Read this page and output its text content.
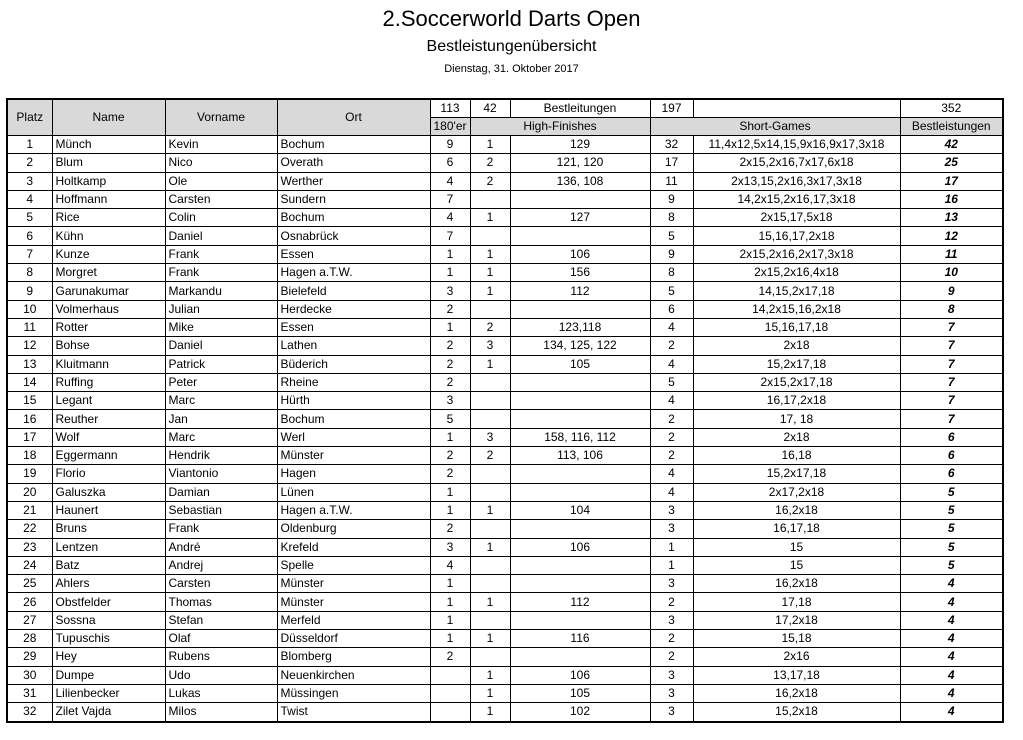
2.Soccerworld Darts Open
Bestleistungenübersicht
Dienstag, 31. Oktober 2017
Platz	Name	Vorname	Ort	113	42	Bestleitungen	197		352
				180'er	High-Finishes		Short-Games		Bestleistungen
1	Münch	Kevin	Bochum	9	1	129	32	11,4x12,5x14,15,9x16,9x17,3x18	42
2	Blum	Nico	Overath	6	2	121, 120	17	2x15,2x16,7x17,6x18	25
3	Holtkamp	Ole	Werther	4	2	136, 108	11	2x13,15,2x16,3x17,3x18	17
4	Hoffmann	Carsten	Sundern	7			9	14,2x15,2x16,17,3x18	16
5	Rice	Colin	Bochum	4	1	127	8	2x15,17,5x18	13
6	Kühn	Daniel	Osnabrück	7			5	15,16,17,2x18	12
7	Kunze	Frank	Essen	1	1	106	9	2x15,2x16,2x17,3x18	11
8	Morgret	Frank	Hagen a.T.W.	1	1	156	8	2x15,2x16,4x18	10
9	Garunakumar	Markandu	Bielefeld	3	1	112	5	14,15,2x17,18	9
10	Volmerhaus	Julian	Herdecke	2			6	14,2x15,16,2x18	8
11	Rotter	Mike	Essen	1	2	123,118	4	15,16,17,18	7
12	Bohse	Daniel	Lathen	2	3	134, 125, 122	2	2x18	7
13	Kluitmann	Patrick	Büderich	2	1	105	4	15,2x17,18	7
14	Ruffing	Peter	Rheine	2			5	2x15,2x17,18	7
15	Legant	Marc	Hürth	3			4	16,17,2x18	7
16	Reuther	Jan	Bochum	5			2	17, 18	7
17	Wolf	Marc	Werl	1	3	158, 116, 112	2	2x18	6
18	Eggermann	Hendrik	Münster	2	2	113, 106	2	16,18	6
19	Florio	Viantonio	Hagen	2			4	15,2x17,18	6
20	Galuszka	Damian	Lünen	1			4	2x17,2x18	5
21	Haunert	Sebastian	Hagen a.T.W.	1	1	104	3	16,2x18	5
22	Bruns	Frank	Oldenburg	2			3	16,17,18	5
23	Lentzen	André	Krefeld	3	1	106	1	15	5
24	Batz	Andrej	Spelle	4			1	15	5
25	Ahlers	Carsten	Münster	1			3	16,2x18	4
26	Obstfelder	Thomas	Münster	1	1	112	2	17,18	4
27	Sossna	Stefan	Merfeld	1			3	17,2x18	4
28	Tupuschis	Olaf	Düsseldorf	1	1	116	2	15,18	4
29	Hey	Rubens	Blomberg	2			2	2x16	4
30	Dumpe	Udo	Neuenkirchen		1	106	3	13,17,18	4
31	Lilienbecker	Lukas	Müssingen		1	105	3	16,2x18	4
32	Zilet Vajda	Milos	Twist		1	102	3	15,2x18	4
